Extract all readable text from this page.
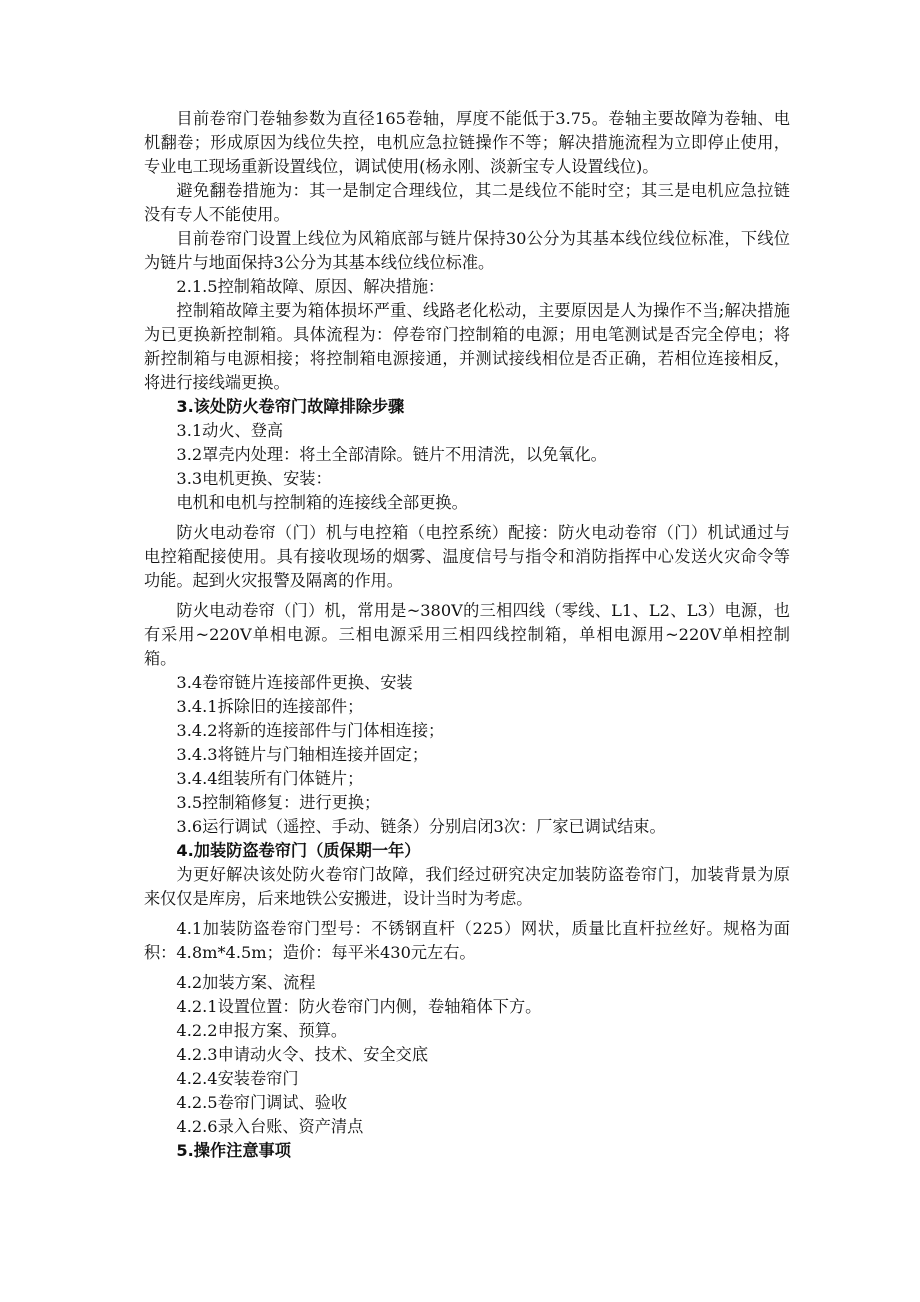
目前卷帘门卷轴参数为直径165卷轴，厚度不能低于3.75。卷轴主要故障为卷轴、电机翻卷；形成原因为线位失控，电机应急拉链操作不等；解决措施流程为立即停止使用，专业电工现场重新设置线位，调试使用(杨永刚、淡新宝专人设置线位)。

避免翻卷措施为：其一是制定合理线位，其二是线位不能时空；其三是电机应急拉链没有专人不能使用。

目前卷帘门设置上线位为风箱底部与链片保持30公分为其基本线位线位标准，下线位为链片与地面保持3公分为其基本线位线位标准。

2.1.5控制箱故障、原因、解决措施：

控制箱故障主要为箱体损坏严重、线路老化松动，主要原因是人为操作不当;解决措施为已更换新控制箱。具体流程为：停卷帘门控制箱的电源；用电笔测试是否完全停电；将新控制箱与电源相接；将控制箱电源接通，并测试接线相位是否正确，若相位连接相反，将进行接线端更换。

3.该处防火卷帘门故障排除步骤

3.1动火、登高

3.2罩壳内处理：将土全部清除。链片不用清洗，以免氧化。

3.3电机更换、安装：

电机和电机与控制箱的连接线全部更换。

防火电动卷帘（门）机与电控箱（电控系统）配接：防火电动卷帘（门）机试通过与电控箱配接使用。具有接收现场的烟雾、温度信号与指令和消防指挥中心发送火灾命令等功能。起到火灾报警及隔离的作用。

防火电动卷帘（门）机，常用是~380V的三相四线（零线、L1、L2、L3）电源，也有采用~220V单相电源。三相电源采用三相四线控制箱，单相电源用~220V单相控制箱。

3.4卷帘链片连接部件更换、安装

3.4.1拆除旧的连接部件；

3.4.2将新的连接部件与门体相连接；

3.4.3将链片与门轴相连接并固定；

3.4.4组装所有门体链片；

3.5控制箱修复：进行更换；

3.6运行调试（遥控、手动、链条）分别启闭3次：厂家已调试结束。

4.加装防盗卷帘门（质保期一年）

为更好解决该处防火卷帘门故障，我们经过研究决定加装防盗卷帘门，加装背景为原来仅仅是库房，后来地铁公安搬进，设计当时为考虑。

4.1加装防盗卷帘门型号：不锈钢直杆（225）网状，质量比直杆拉丝好。规格为面积：4.8m*4.5m；造价：每平米430元左右。

4.2加装方案、流程

4.2.1设置位置：防火卷帘门内侧，卷轴箱体下方。

4.2.2申报方案、预算。

4.2.3申请动火令、技术、安全交底

4.2.4安装卷帘门

4.2.5卷帘门调试、验收

4.2.6录入台账、资产清点

5.操作注意事项
